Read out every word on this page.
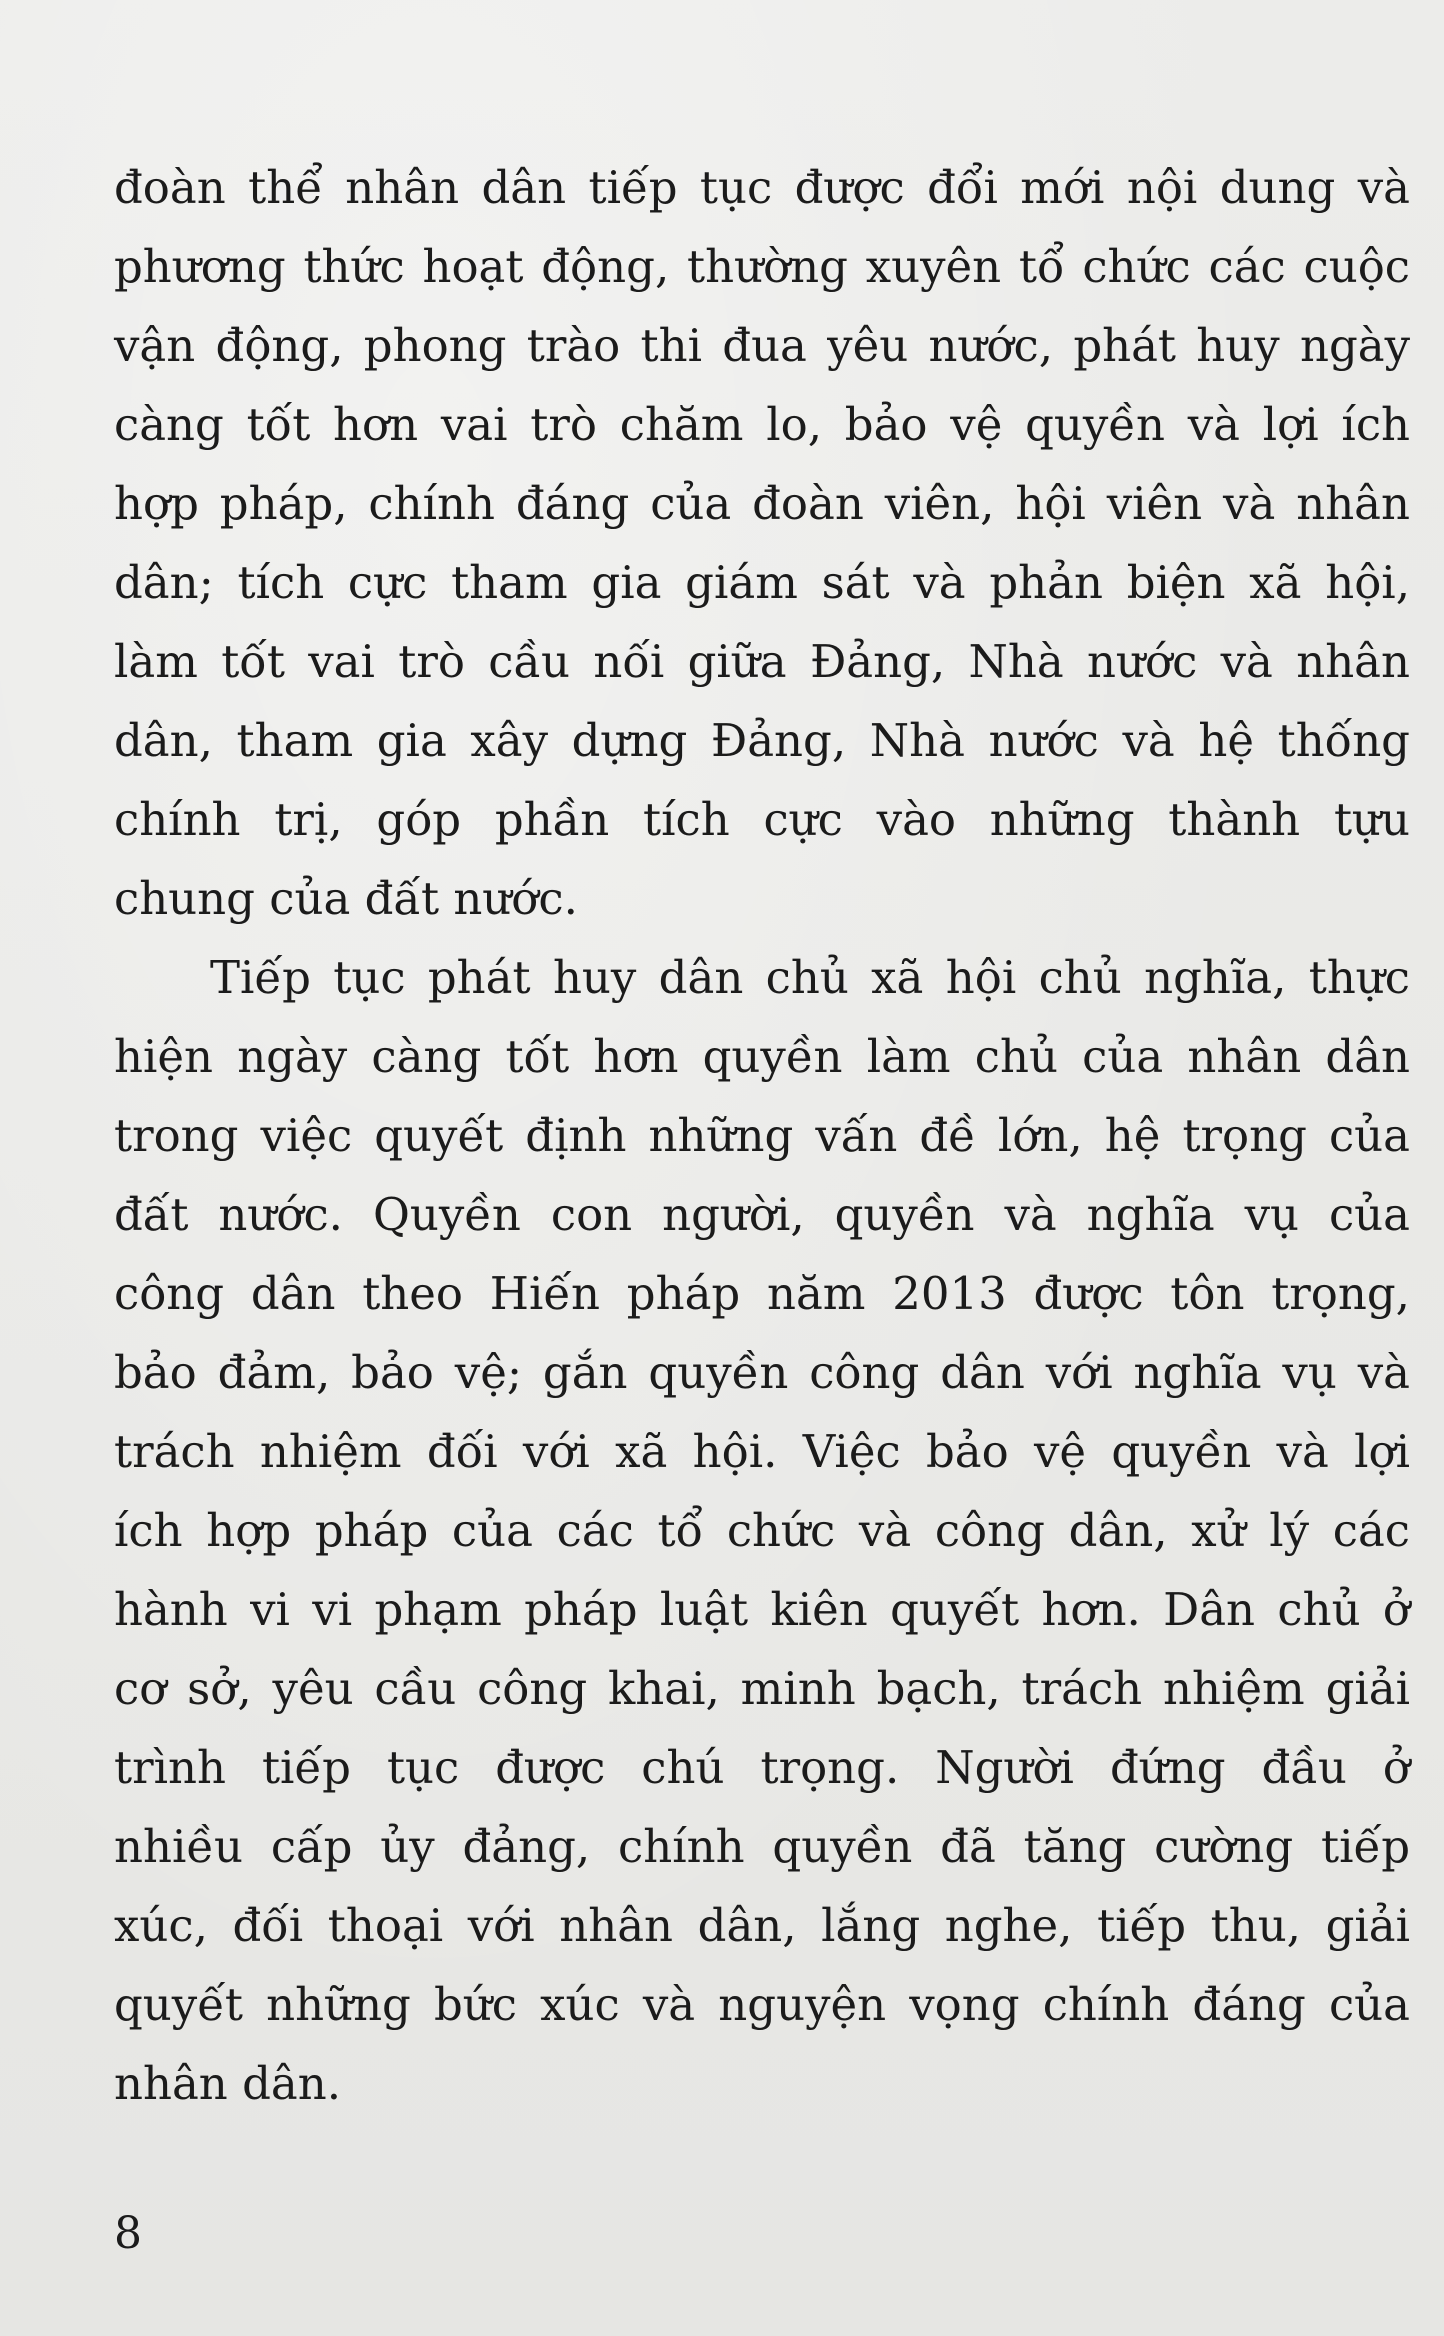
đoàn thể nhân dân tiếp tục được đổi mới nội dung và
phương thức hoạt động, thường xuyên tổ chức các cuộc
vận động, phong trào thi đua yêu nước, phát huy ngày
càng tốt hơn vai trò chăm lo, bảo vệ quyền và lợi ích
hợp pháp, chính đáng của đoàn viên, hội viên và nhân
dân; tích cực tham gia giám sát và phản biện xã hội,
làm tốt vai trò cầu nối giữa Đảng, Nhà nước và nhân
dân, tham gia xây dựng Đảng, Nhà nước và hệ thống
chính trị, góp phần tích cực vào những thành tựu
chung của đất nước.
Tiếp tục phát huy dân chủ xã hội chủ nghĩa, thực
hiện ngày càng tốt hơn quyền làm chủ của nhân dân
trong việc quyết định những vấn đề lớn, hệ trọng của
đất nước. Quyền con người, quyền và nghĩa vụ của
công dân theo Hiến pháp năm 2013 được tôn trọng,
bảo đảm, bảo vệ; gắn quyền công dân với nghĩa vụ và
trách nhiệm đối với xã hội. Việc bảo vệ quyền và lợi
ích hợp pháp của các tổ chức và công dân, xử lý các
hành vi vi phạm pháp luật kiên quyết hơn. Dân chủ ở
cơ sở, yêu cầu công khai, minh bạch, trách nhiệm giải
trình tiếp tục được chú trọng. Người đứng đầu ở
nhiều cấp ủy đảng, chính quyền đã tăng cường tiếp
xúc, đối thoại với nhân dân, lắng nghe, tiếp thu, giải
quyết những bức xúc và nguyện vọng chính đáng của
nhân dân.
8
